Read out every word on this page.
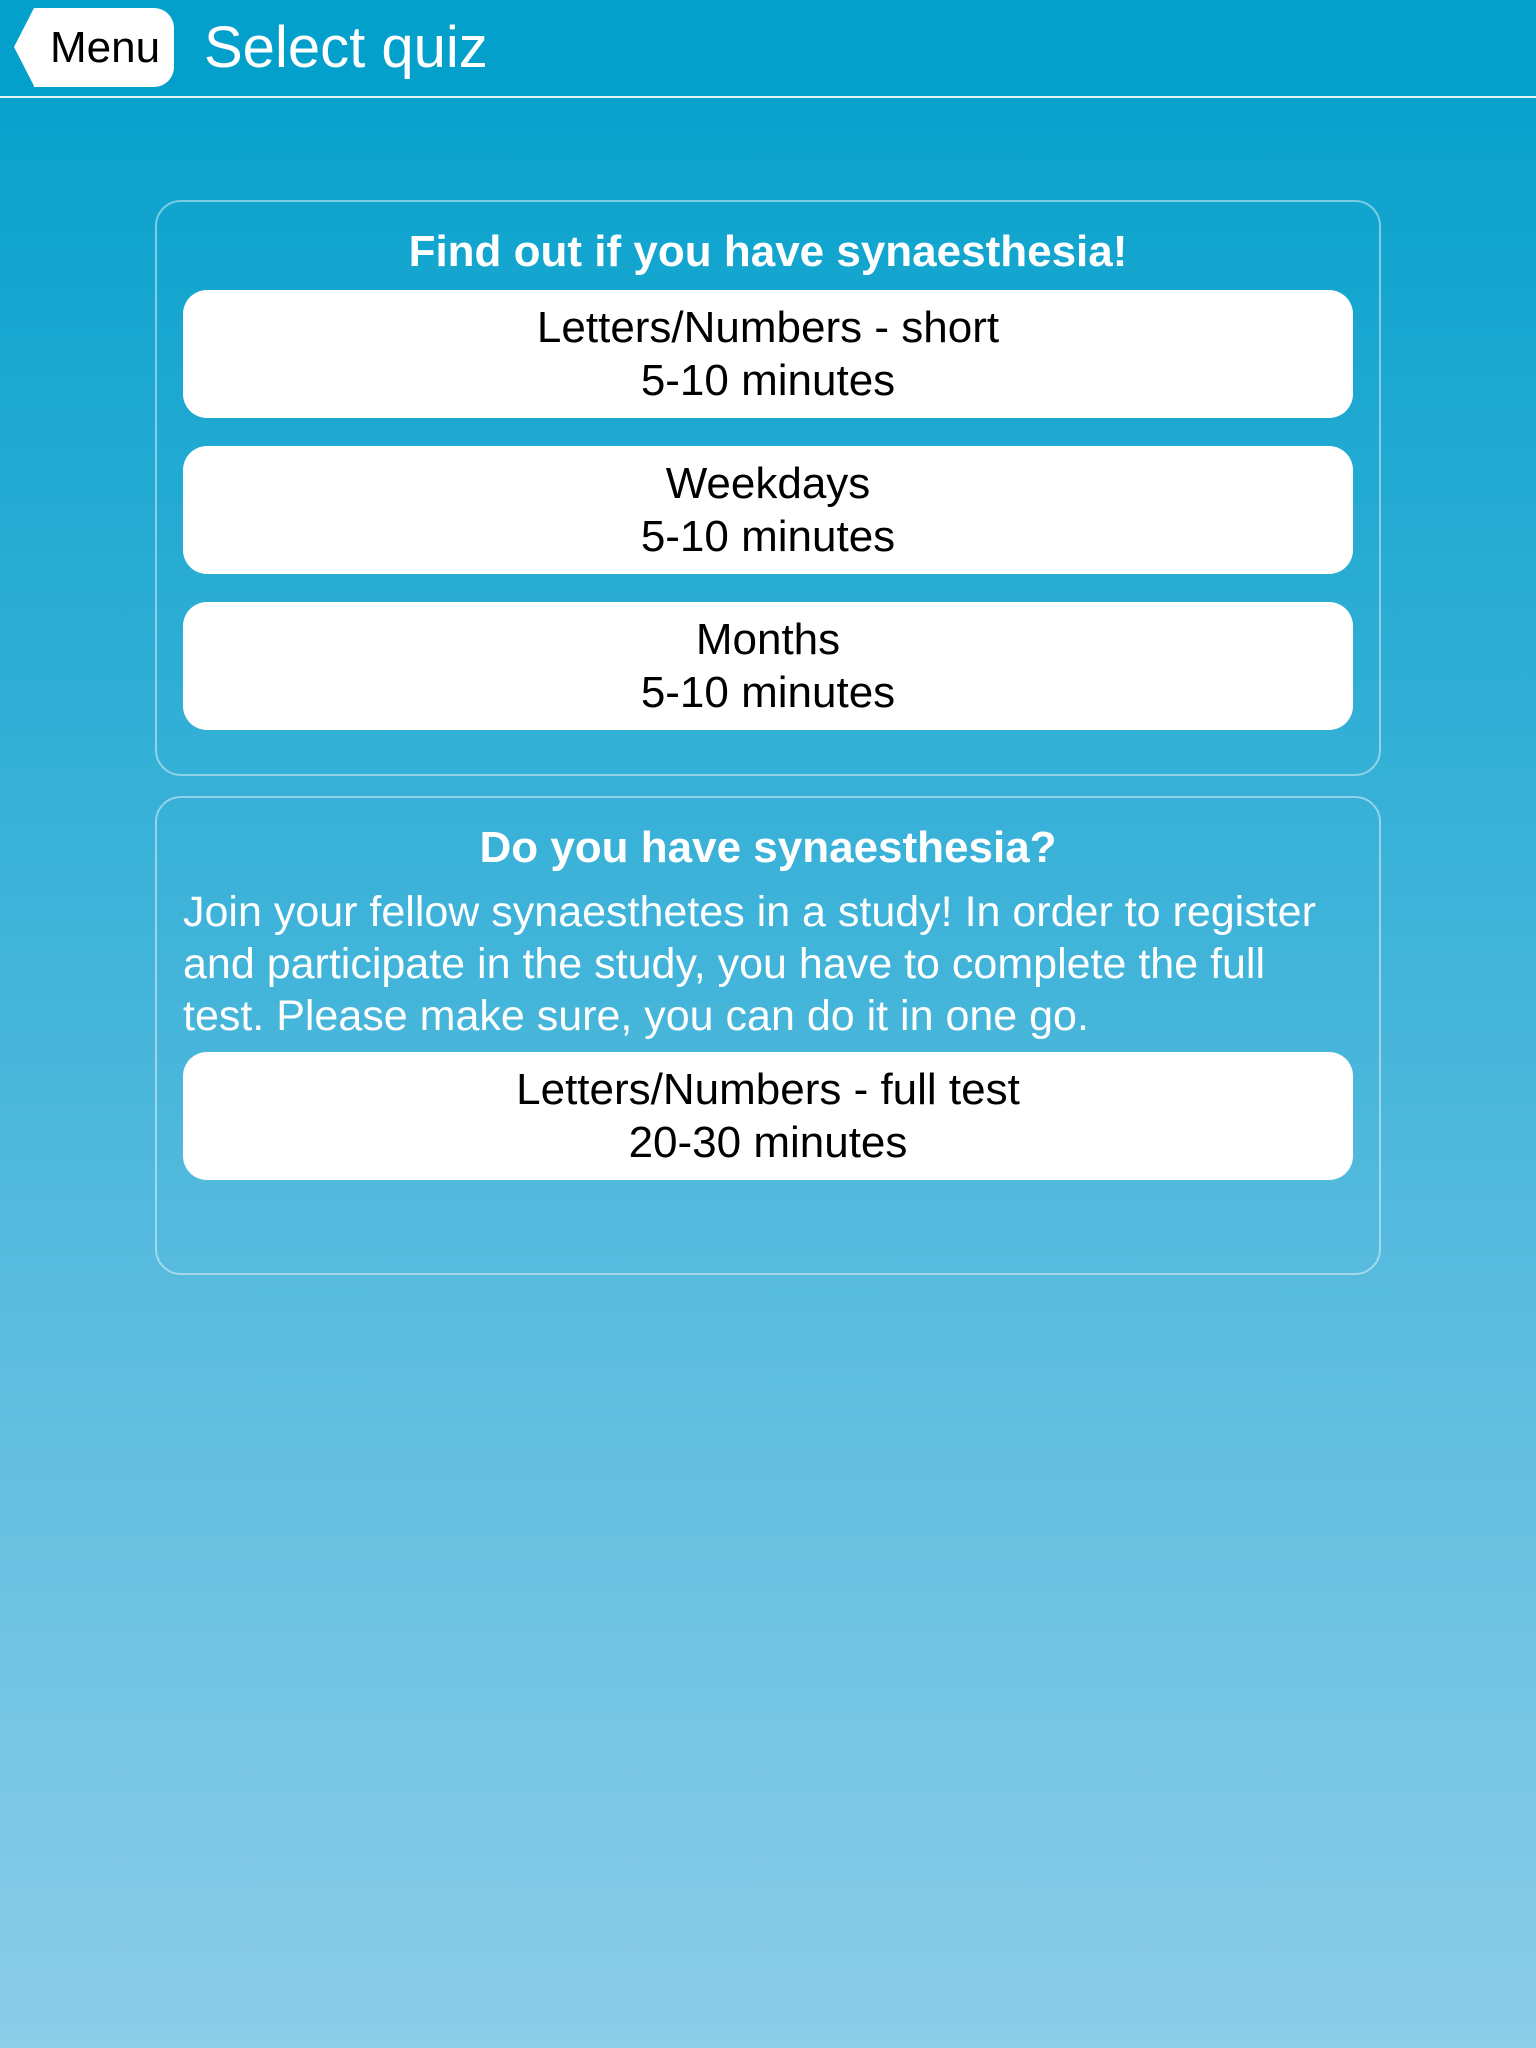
Menu Select quiz
Find out if you have synaesthesia!
Letters/Numbers - short
5-10 minutes
Weekdays
5-10 minutes
Months
5-10 minutes
Do you have synaesthesia?

Join your fellow synaesthetes in a study! In order to register and participate in the study, you have to complete the full test. Please make sure, you can do it in one go.

Letters/Numbers - full test
20-30 minutes
